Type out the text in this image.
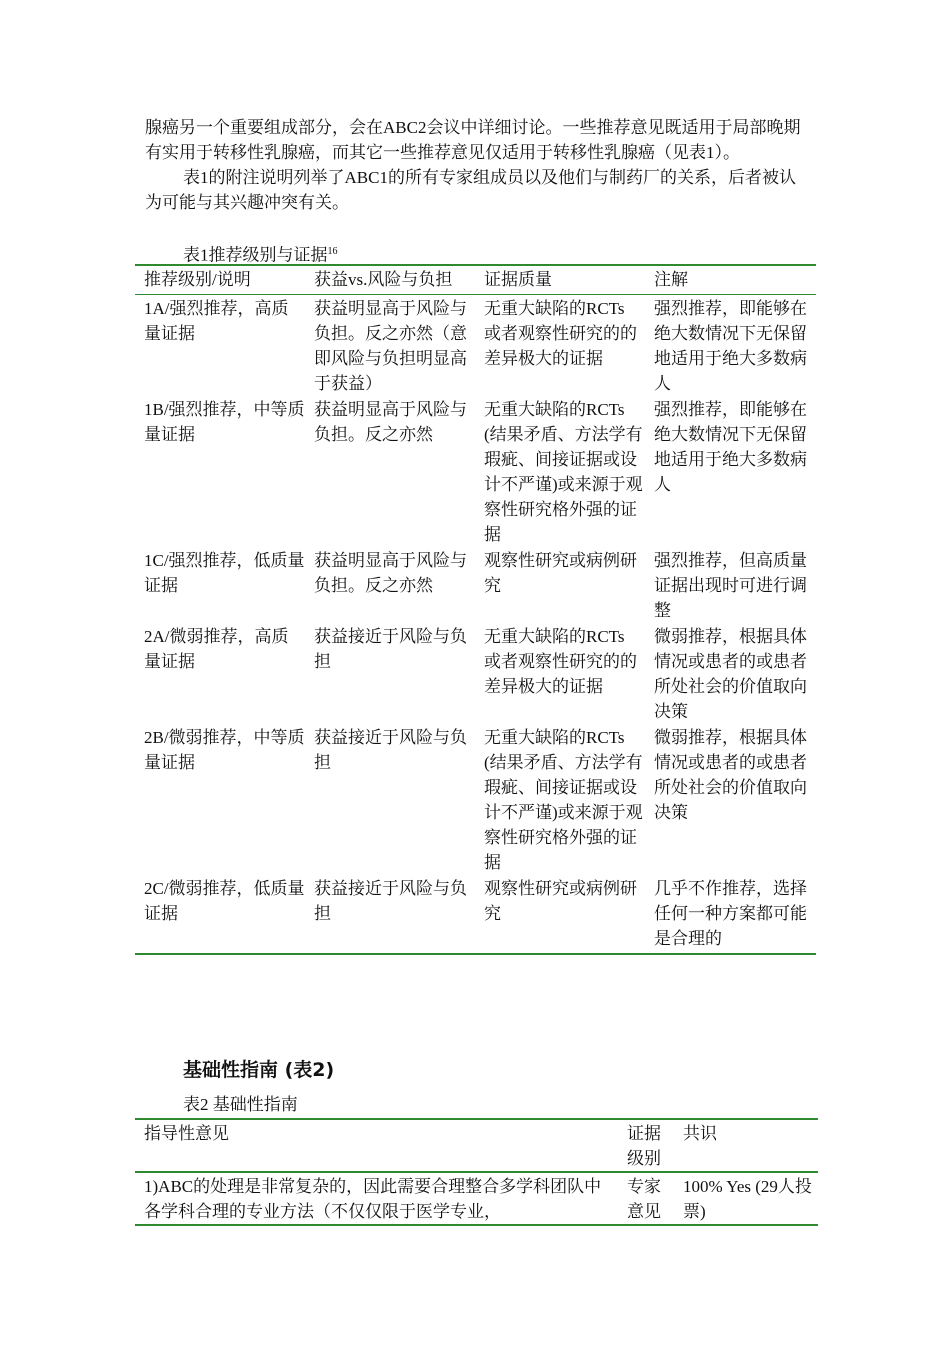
腺癌另一个重要组成部分，会在ABC2会议中详细讨论。一些推荐意见既适用于局部晚期有实用于转移性乳腺癌，而其它一些推荐意见仅适用于转移性乳腺癌（见表1）。

表1的附注说明列举了ABC1的所有专家组成员以及他们与制药厂的关系，后者被认为可能与其兴趣冲突有关。

表1推荐级别与证据$^{16}$
推荐级别/说明	获益vs.风险与负担	证据质量	注解
1A/强烈推荐，高质量证据	获益明显高于风险与负担。反之亦然（意即风险与负担明显高于获益）	无重大缺陷的RCTs 或者观察性研究的的差异极大的证据	强烈推荐，即能够在绝大数情况下无保留地适用于绝大多数病人
1B/强烈推荐，中等质量证据	获益明显高于风险与负担。反之亦然	无重大缺陷的RCTs (结果矛盾、方法学有瑕疵、间接证据或设计不严谨)或来源于观察性研究格外强的证据	强烈推荐，即能够在绝大数情况下无保留地适用于绝大多数病人
1C/强烈推荐，低质量证据	获益明显高于风险与负担。反之亦然	观察性研究或病例研究	强烈推荐，但高质量证据出现时可进行调整
2A/微弱推荐，高质量证据	获益接近于风险与负担	无重大缺陷的RCTs 或者观察性研究的的差异极大的证据	微弱推荐，根据具体情况或患者的或患者所处社会的价值取向决策
2B/微弱推荐，中等质量证据	获益接近于风险与负担	无重大缺陷的RCTs (结果矛盾、方法学有瑕疵、间接证据或设计不严谨)或来源于观察性研究格外强的证据	微弱推荐，根据具体情况或患者的或患者所处社会的价值取向决策
2C/微弱推荐，低质量证据	获益接近于风险与负担	观察性研究或病例研究	几乎不作推荐，选择任何一种方案都可能是合理的
基础性指南 (表2)
表2 基础性指南
指导性意见	证据级别	共识
1)ABC的处理是非常复杂的，因此需要合理整合多学科团队中各学科合理的专业方法（不仅仅限于医学专业，	专家意见	100% Yes (29人投票)
